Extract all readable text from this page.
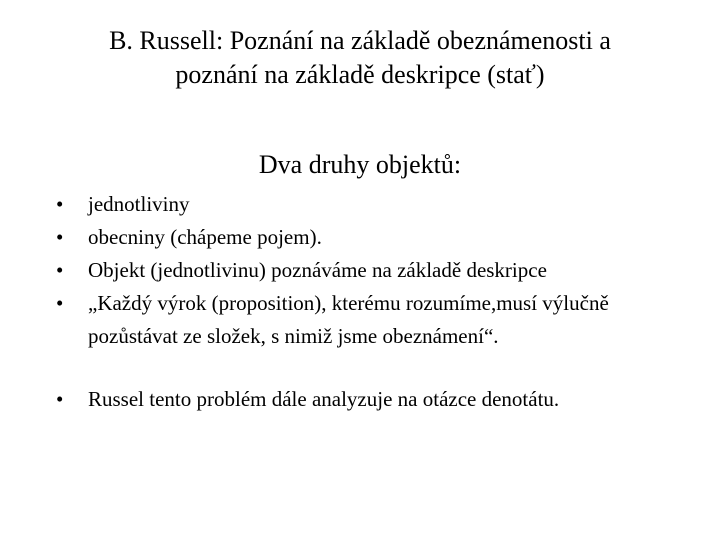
B. Russell: Poznání na základě obeznámenosti a
poznání na základě deskripce (stať)
Dva druhy objektů:
• jednotliviny
• obecniny (chápeme pojem).
• Objekt (jednotlivinu) poznáváme na základě deskripce
• „Každý výrok (proposition), kterému rozumíme,musí výlučně pozůstávat ze složek, s nimiž jsme obeznámení“.
• Russel tento problém dále analyzuje na otázce denotátu.
